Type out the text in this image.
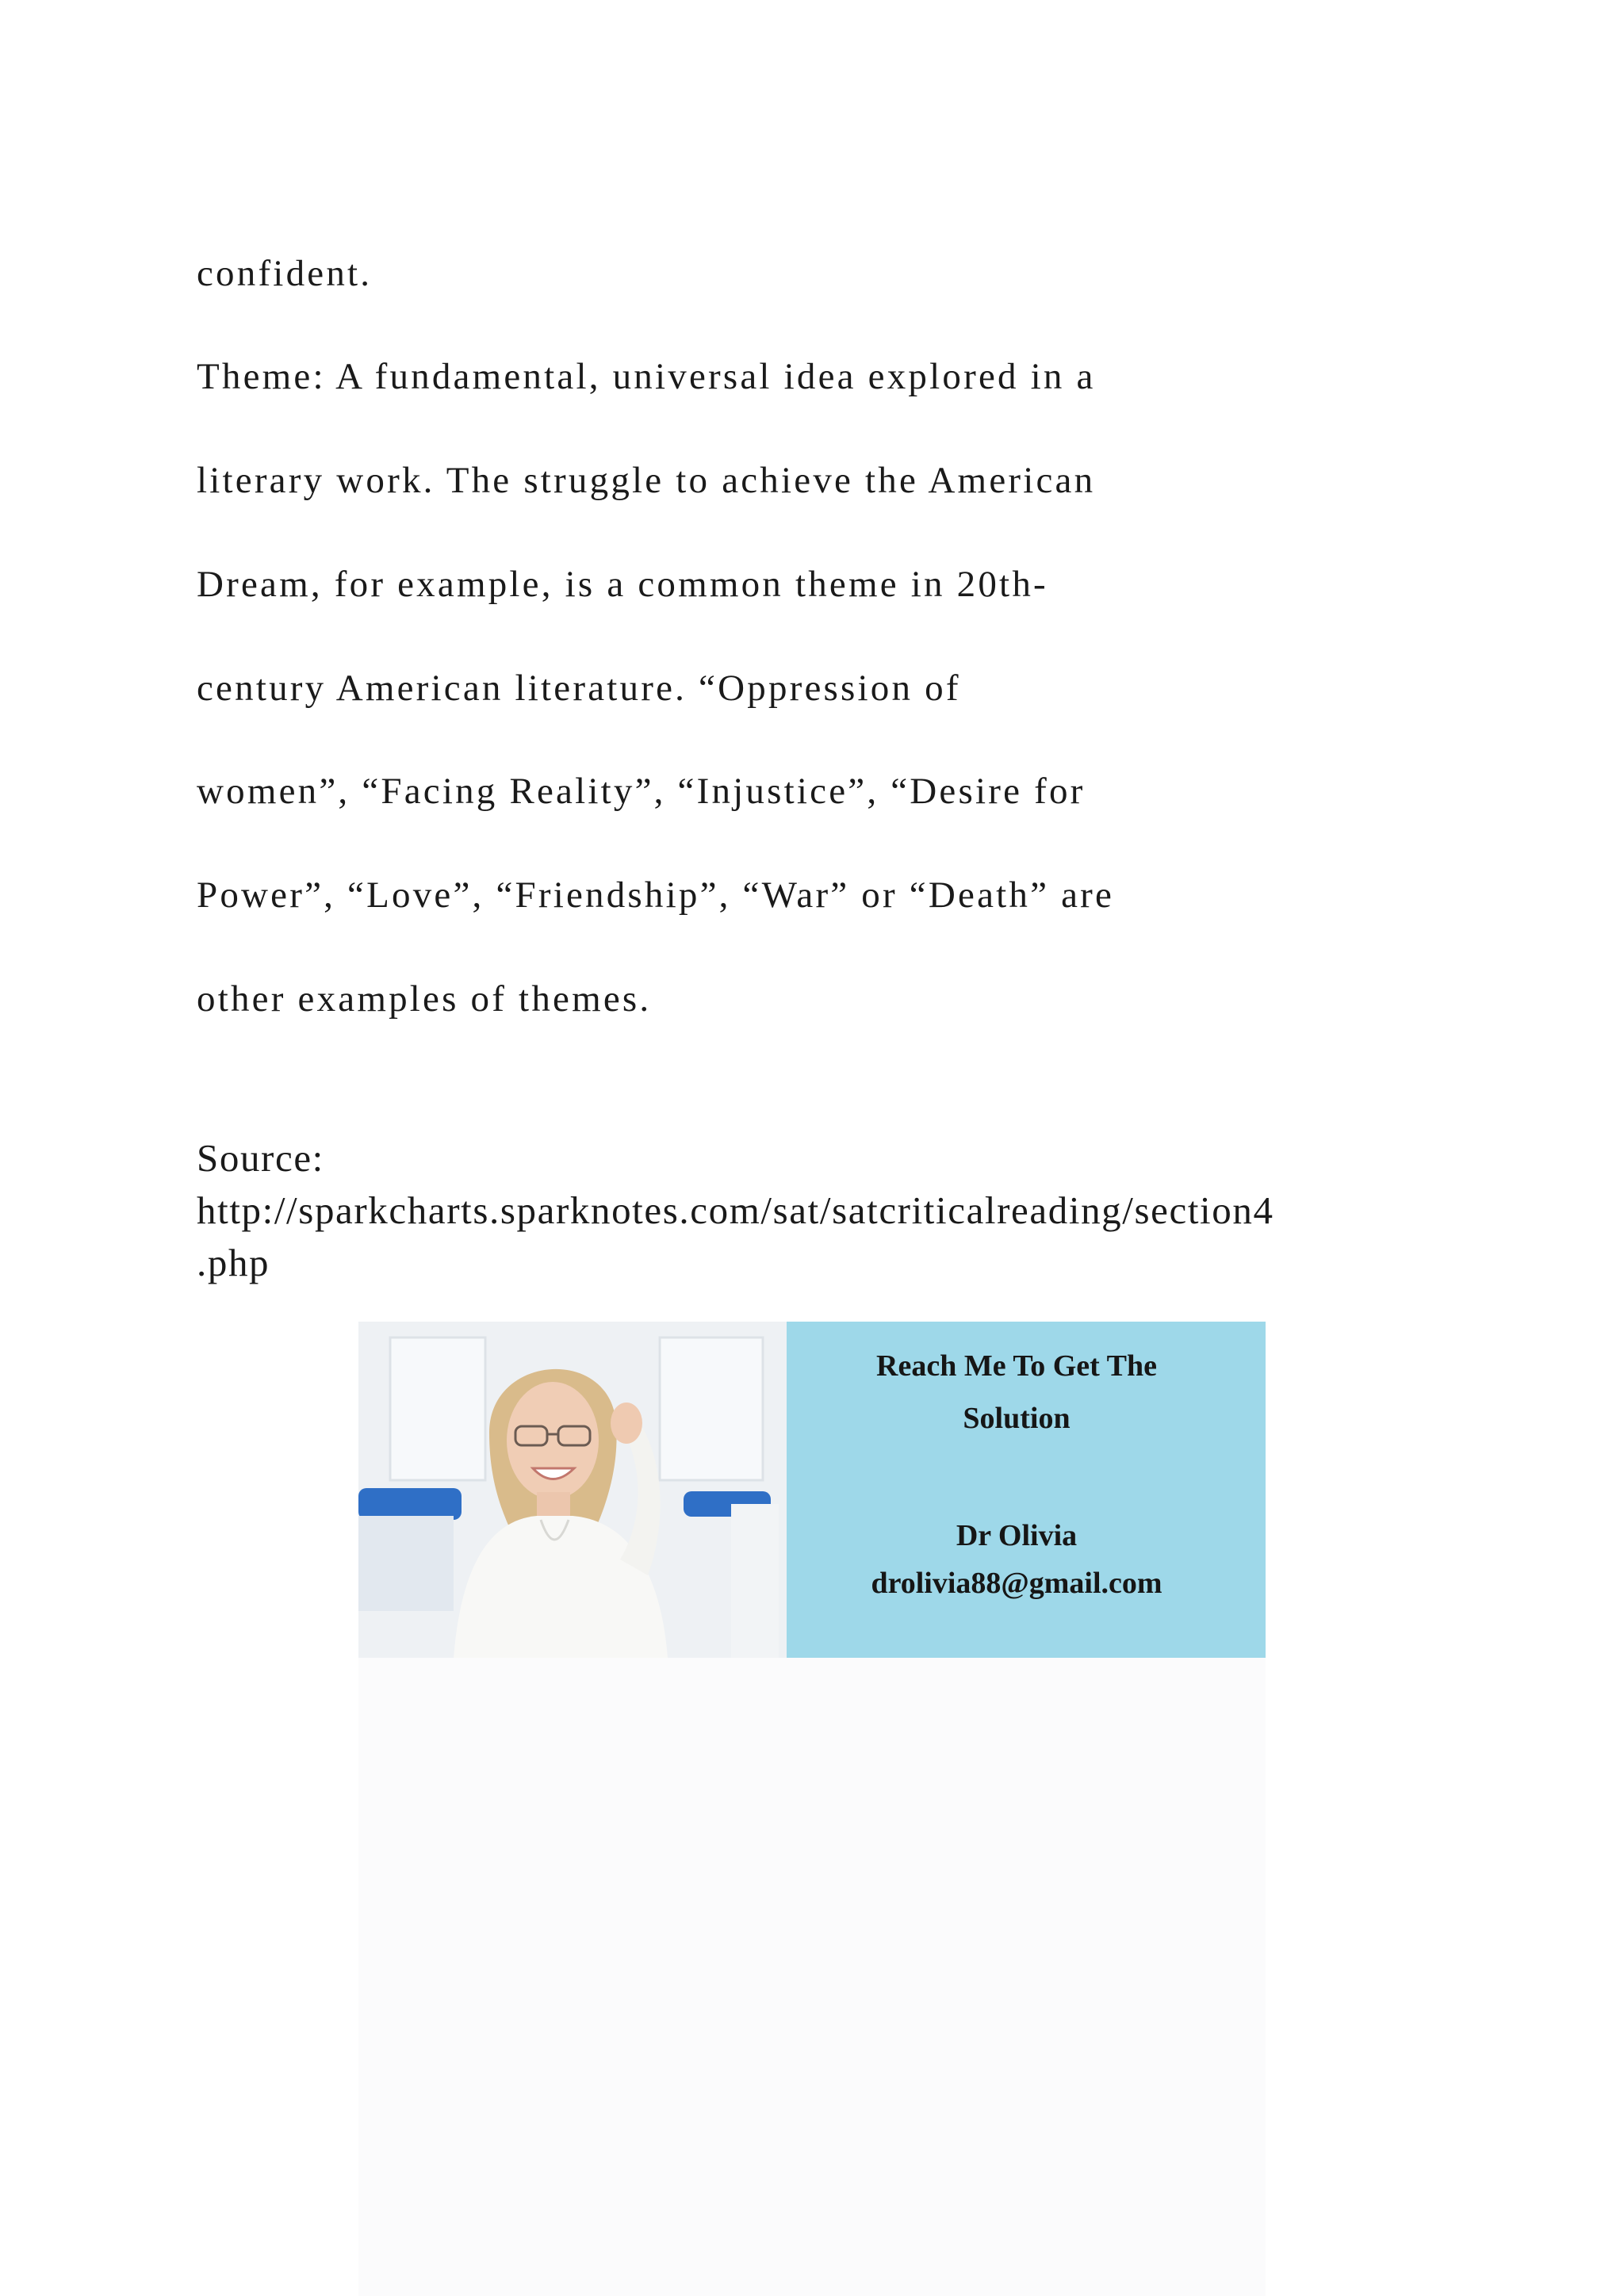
confident.
Theme: A fundamental, universal idea explored in a
literary work. The struggle to achieve the American
Dream, for example, is a common theme in 20th-
century American literature. “Oppression of
women”, “Facing Reality”, “Injustice”, “Desire for
Power”, “Love”, “Friendship”, “War” or “Death” are
other examples of themes.
Source:
http://sparkcharts.sparknotes.com/sat/satcriticalreading/section4
.php
Reach Me To Get The
Solution
Dr Olivia
drolivia88@gmail.com
